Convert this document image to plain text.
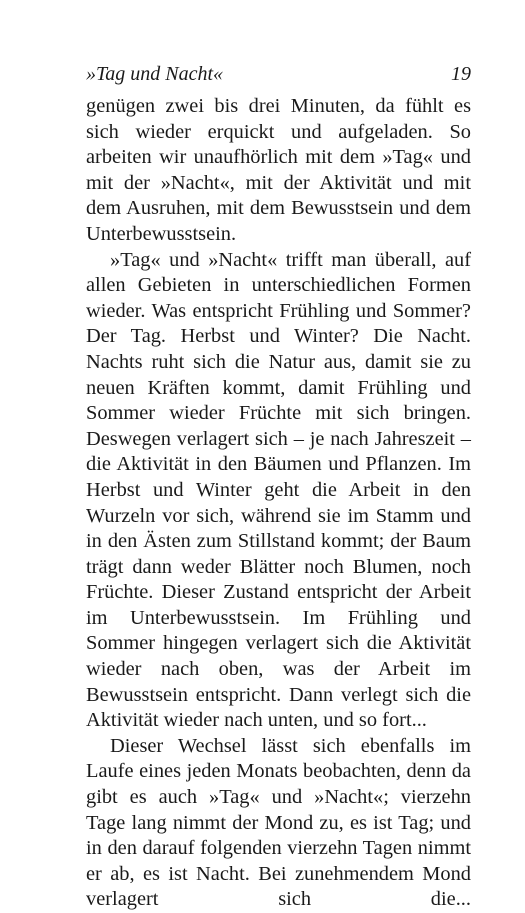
»Tag und Nacht«	19

genügen zwei bis drei Minuten, da fühlt es sich wieder erquickt und aufgeladen. So arbeiten wir unaufhörlich mit dem »Tag« und mit der »Nacht«, mit der Aktivität und mit dem Ausruhen, mit dem Bewusstsein und dem Unterbewusstsein.

»Tag« und »Nacht« trifft man überall, auf allen Gebieten in unterschiedlichen Formen wieder. Was entspricht Frühling und Sommer? Der Tag. Herbst und Winter? Die Nacht. Nachts ruht sich die Natur aus, damit sie zu neuen Kräften kommt, damit Frühling und Sommer wieder Früchte mit sich bringen. Deswegen verlagert sich – je nach Jahreszeit – die Aktivität in den Bäumen und Pflanzen. Im Herbst und Winter geht die Arbeit in den Wurzeln vor sich, während sie im Stamm und in den Ästen zum Stillstand kommt; der Baum trägt dann weder Blätter noch Blumen, noch Früchte. Dieser Zustand entspricht der Arbeit im Unterbewusstsein. Im Frühling und Sommer hingegen verlagert sich die Aktivität wieder nach oben, was der Arbeit im Bewusstsein entspricht. Dann verlegt sich die Aktivität wieder nach unten, und so fort...

Dieser Wechsel lässt sich ebenfalls im Laufe eines jeden Monats beobachten, denn da gibt es auch »Tag« und »Nacht«; vierzehn Tage lang nimmt der Mond zu, es ist Tag; und in den darauf folgenden vierzehn Tagen nimmt er ab, es ist Nacht. Bei zunehmendem Mond verlagert sich die...
